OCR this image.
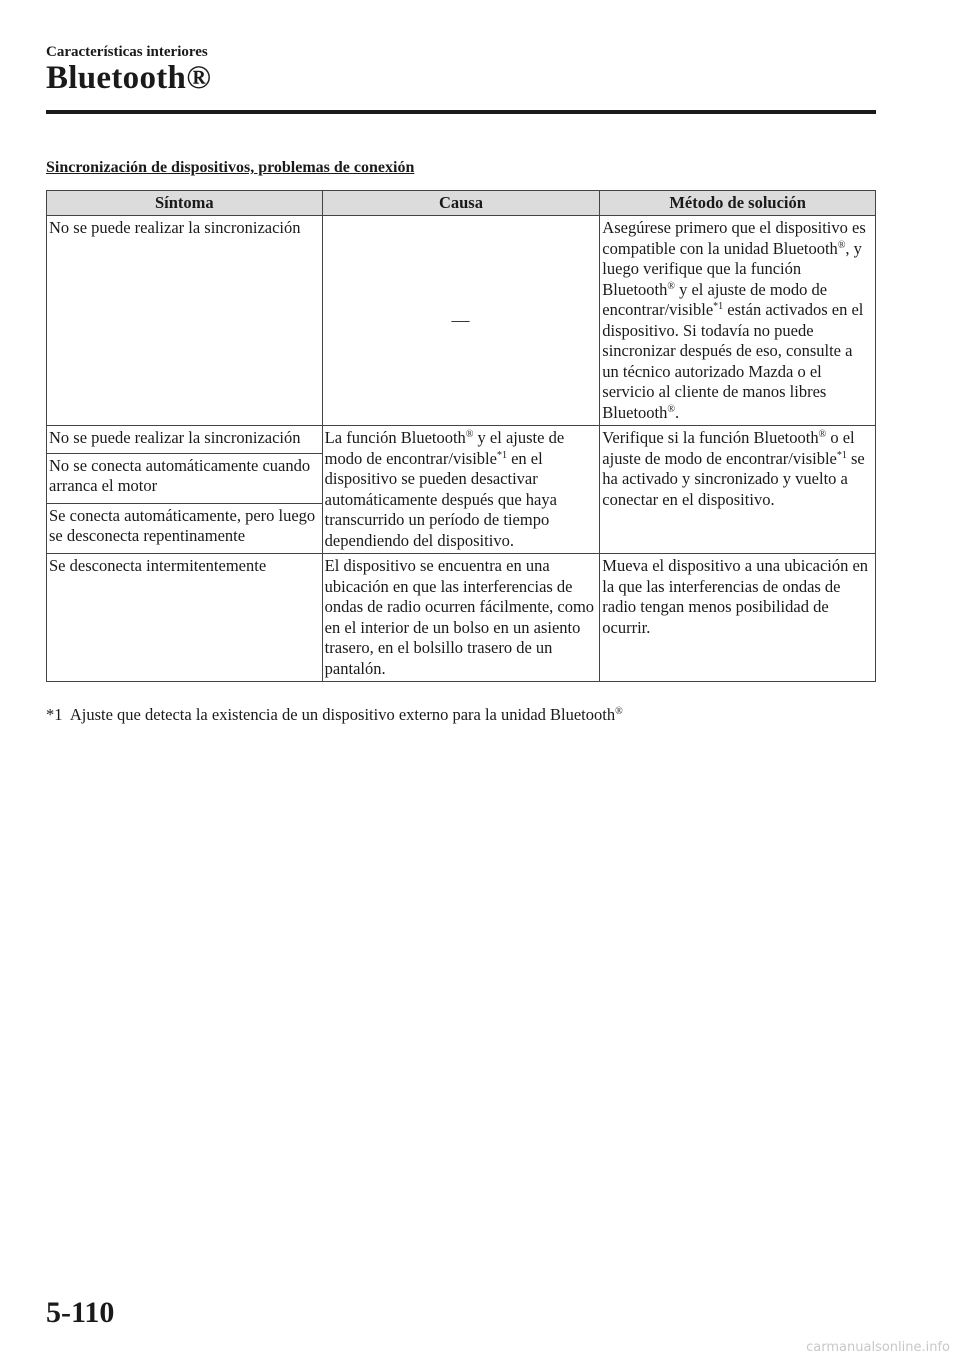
Características interiores
Bluetooth®
Sincronización de dispositivos, problemas de conexión
Síntoma	Causa	Método de solución
No se puede realizar la sincronización	—	Asegúrese primero que el dispositivo es compatible con la unidad Bluetooth®, y luego verifique que la función Bluetooth® y el ajuste de modo de encontrar/visible$^{*1}$ están activados en el dispositivo. Si todavía no puede sincronizar después de eso, consulte a un técnico autorizado Mazda o el servicio al cliente de manos libres Bluetooth®.
No se puede realizar la sincronización	La función Bluetooth® y el ajuste de modo de encontrar/visible$^{*1}$ en el dispositivo se pueden desactivar automáticamente después que haya transcurrido un período de tiempo dependiendo del dispositivo.	Verifique si la función Bluetooth® o el ajuste de modo de encontrar/visible$^{*1}$ se ha activado y sincronizado y vuelto a conectar en el dispositivo.
No se conecta automáticamente cuando arranca el motor		
Se conecta automáticamente, pero luego se desconecta repentinamente		
Se desconecta intermitentemente	El dispositivo se encuentra en una ubicación en que las interferencias de ondas de radio ocurren fácilmente, como en el interior de un bolso en un asiento trasero, en el bolsillo trasero de un pantalón.	Mueva el dispositivo a una ubicación en la que las interferencias de ondas de radio tengan menos posibilidad de ocurrir.
*1 Ajuste que detecta la existencia de un dispositivo externo para la unidad Bluetooth®
5-110
carmanualsonline.info
